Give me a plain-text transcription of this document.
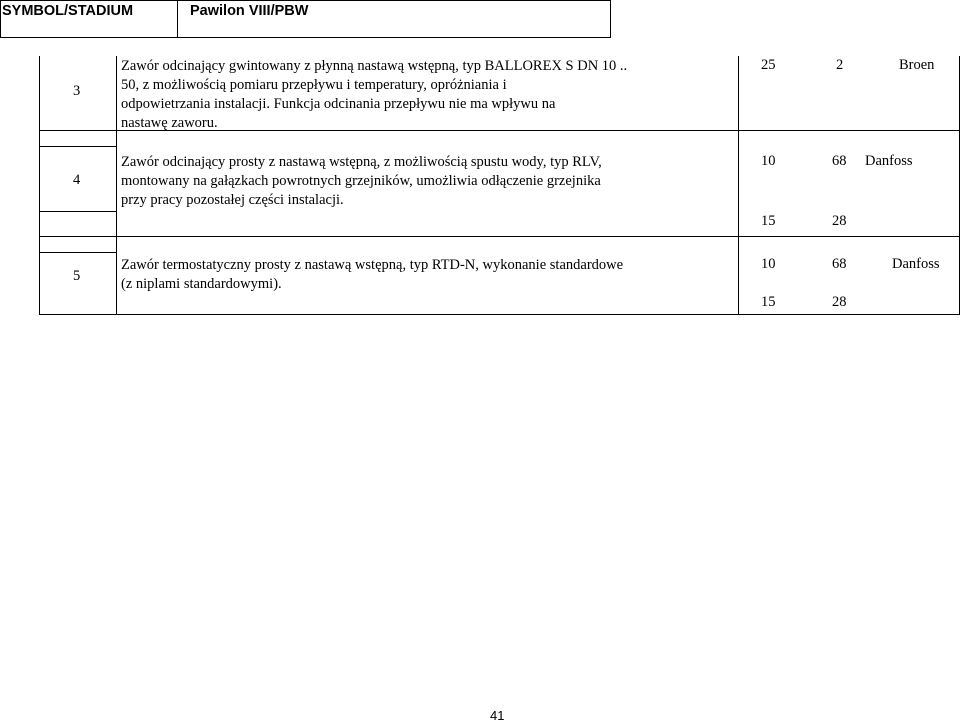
SYMBOL/STADIUM	Pawilon VIII/PBW
3
Zawór odcinający gwintowany z płynną nastawą wstępną, typ BALLOREX S DN 10 ..
50, z możliwością pomiaru przepływu i temperatury, opróżniania i
odpowietrzania instalacji. Funkcja odcinania przepływu nie ma wpływu na
nastawę zaworu.
25	2	Broen
4
Zawór odcinający prosty z nastawą wstępną, z możliwością spustu wody, typ RLV,
montowany na gałązkach powrotnych grzejników, umożliwia odłączenie grzejnika
przy pracy pozostałej części instalacji.
10	68 Danfoss
15	28
5
Zawór termostatyczny prosty z nastawą wstępną, typ RTD-N, wykonanie standardowe
(z niplami standardowymi).
10	68	Danfoss
15	28
41
